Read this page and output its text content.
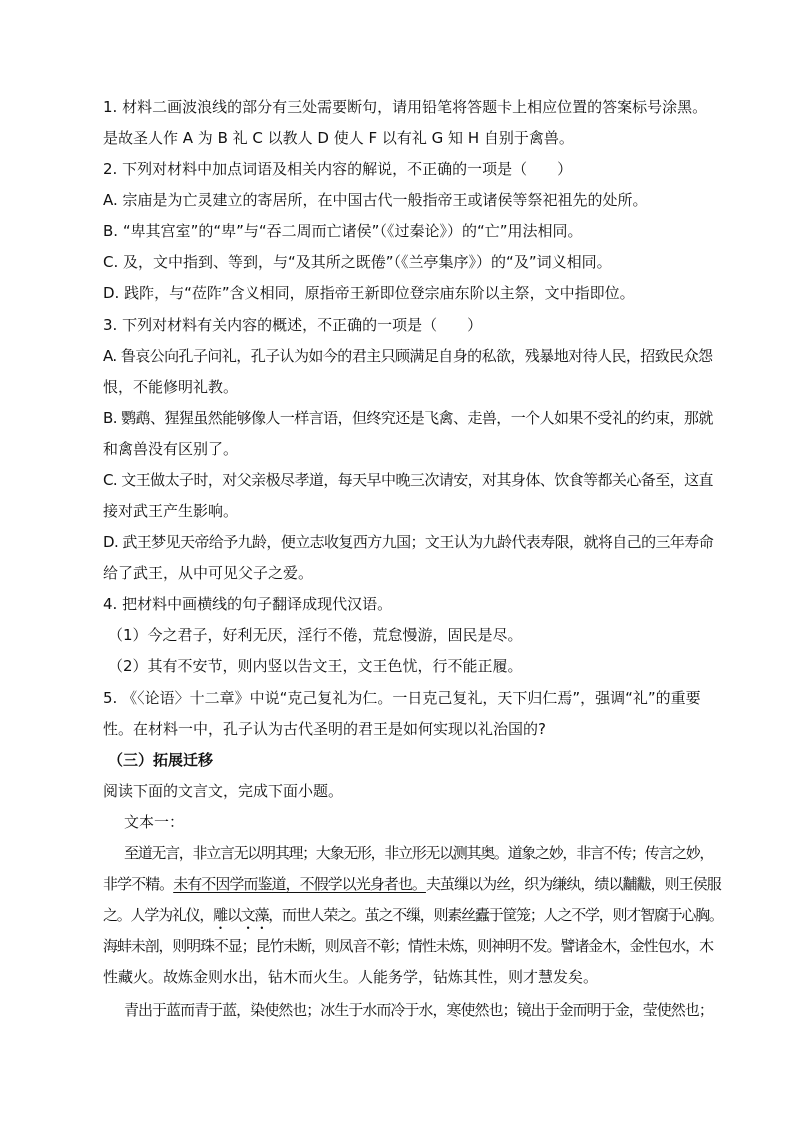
1. 材料二画波浪线的部分有三处需要断句，请用铅笔将答题卡上相应位置的答案标号涂黑。
是故圣人作 A 为 B 礼 C 以教人 D 使人 F 以有礼 G 知 H 自别于禽兽。
2. 下列对材料中加点词语及相关内容的解说，不正确的一项是（　　）
A. 宗庙是为亡灵建立的寄居所，在中国古代一般指帝王或诸侯等祭祀祖先的处所。
B. “卑其宫室”的“卑”与“吞二周而亡诸侯”（《过秦论》）的“亡”用法相同。
C. 及，文中指到、等到，与“及其所之既倦”（《兰亭集序》）的“及”词义相同。
D. 践阼，与“莅阼”含义相同，原指帝王新即位登宗庙东阶以主祭，文中指即位。
3. 下列对材料有关内容的概述，不正确的一项是（　　）
A. 鲁哀公向孔子问礼，孔子认为如今的君主只顾满足自身的私欲，残暴地对待人民，招致民众怨
恨，不能修明礼教。
B. 鹦鹉、猩猩虽然能够像人一样言语，但终究还是飞禽、走兽，一个人如果不受礼的约束，那就
和禽兽没有区别了。
C. 文王做太子时，对父亲极尽孝道，每天早中晚三次请安，对其身体、饮食等都关心备至，这直
接对武王产生影响。
D. 武王梦见天帝给予九龄，便立志收复西方九国；文王认为九龄代表寿限，就将自己的三年寿命
给了武王，从中可见父子之爱。
4. 把材料中画横线的句子翻译成现代汉语。
（1）今之君子，好利无厌，淫行不倦，荒怠慢游，固民是尽。
（2）其有不安节，则内竖以告文王，文王色忧，行不能正履。
5. 《〈论语〉十二章》中说“克己复礼为仁。一日克己复礼，天下归仁焉”，强调“礼”的重要
性。在材料一中，孔子认为古代圣明的君王是如何实现以礼治国的?
（三）拓展迁移
阅读下面的文言文，完成下面小题。
文本一：
至道无言，非立言无以明其理；大象无形，非立形无以测其奥。道象之妙，非言不传；传言之妙，
非学不精。未有不因学而鉴道，不假学以光身者也。夫茧缫以为丝，织为缣纨，绩以黼黻，则王侯服
之。人学为礼仪，雕以文藻，而世人荣之。茧之不缫，则素丝蠹于筐笼；人之不学，则才智腐于心胸。
海蚌未剖，则明珠不显；昆竹未断，则凤音不彰；情性未炼，则神明不发。譬诸金木，金性包水，木
性藏火。故炼金则水出，钻木而火生。人能务学，钻炼其性，则才慧发矣。
青出于蓝而青于蓝，染使然也；冰生于水而冷于水，寒使然也；镜出于金而明于金，莹使然也；
